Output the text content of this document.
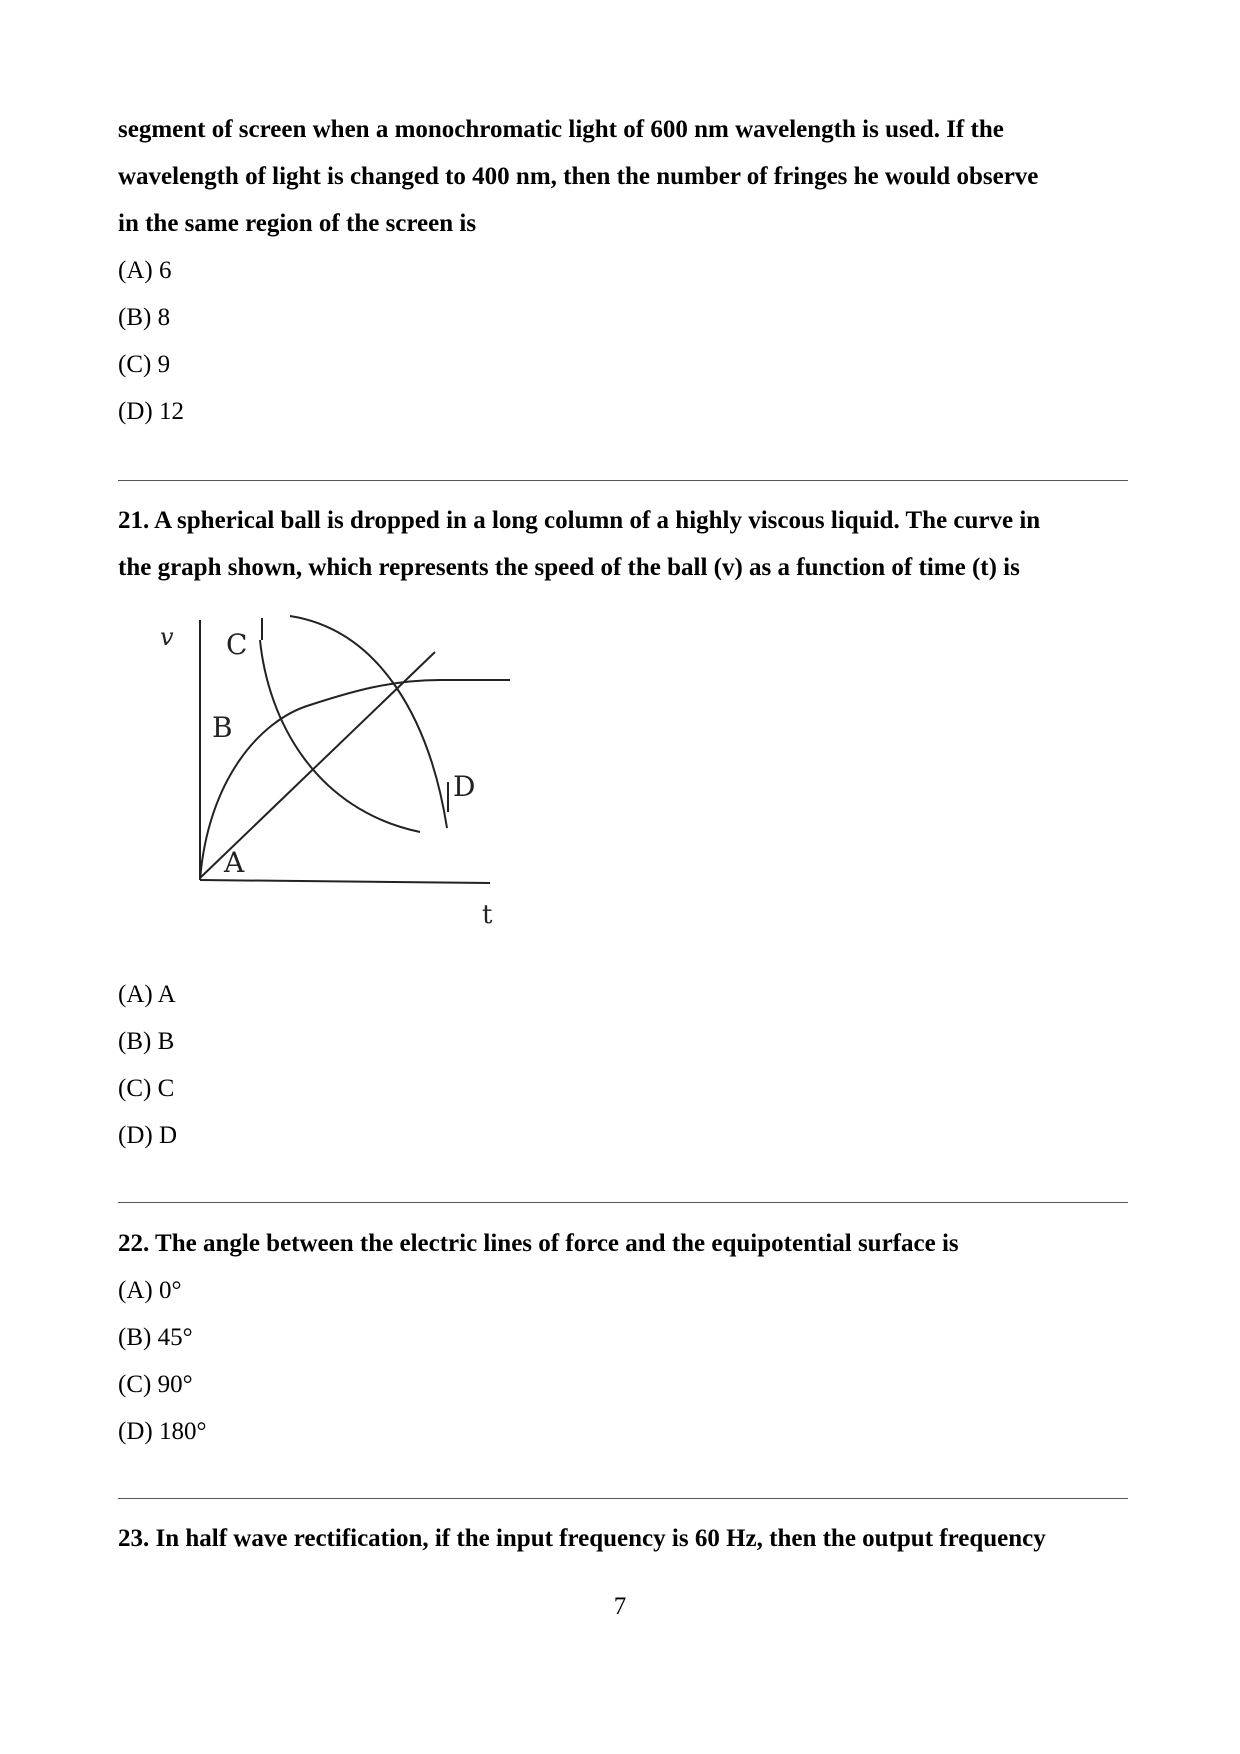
segment of screen when a monochromatic light of 600 nm wavelength is used. If the
wavelength of light is changed to 400 nm, then the number of fringes he would observe
in the same region of the screen is
(A) 6
(B) 8
(C) 9
(D) 12
21. A spherical ball is dropped in a long column of a highly viscous liquid. The curve in
the graph shown, which represents the speed of the ball (v) as a function of time (t) is
v
t
A
B
C
D
(A) A
(B) B
(C) C
(D) D
22. The angle between the electric lines of force and the equipotential surface is
(A) 0°
(B) 45°
(C) 90°
(D) 180°
23. In half wave rectification, if the input frequency is 60 Hz, then the output frequency
7
